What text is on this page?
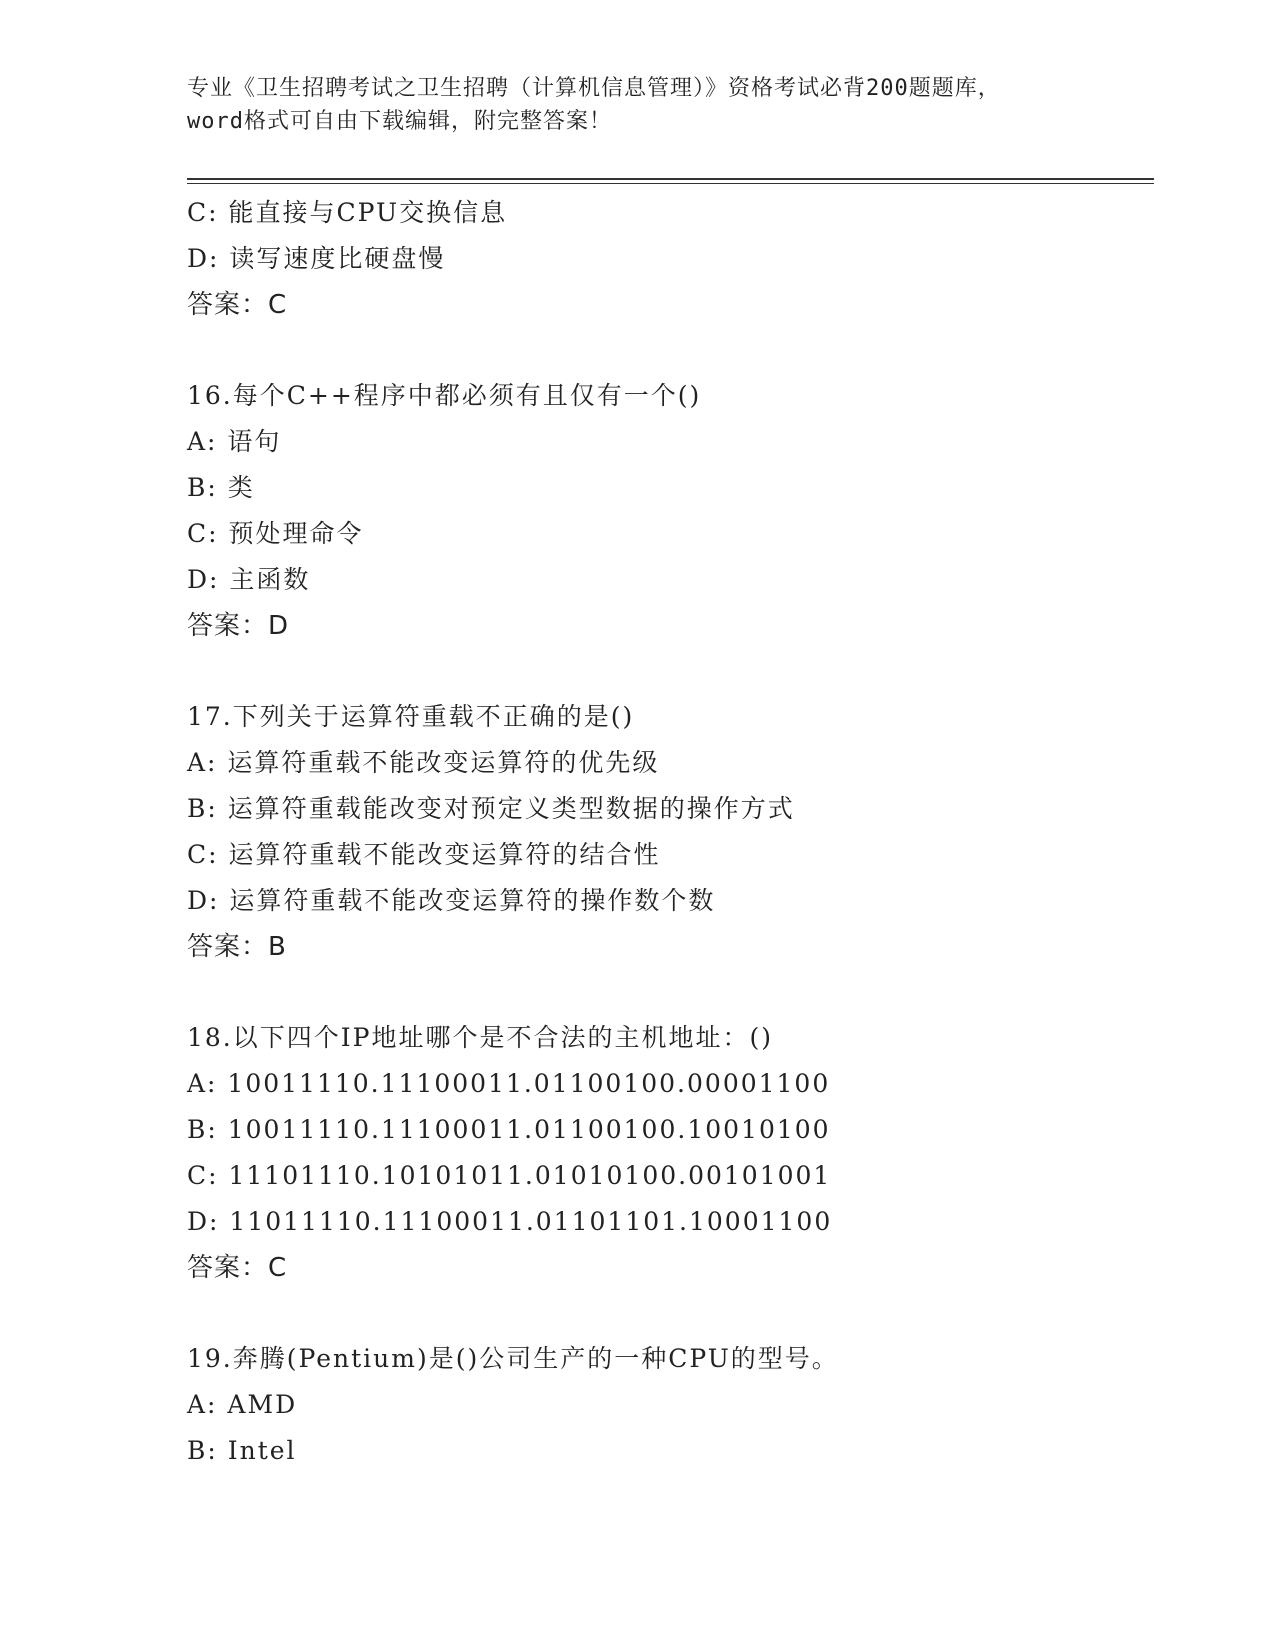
专业《卫生招聘考试之卫生招聘（计算机信息管理）》资格考试必背200题题库，
word格式可自由下载编辑，附完整答案！
C: 能直接与CPU交换信息
D: 读写速度比硬盘慢
答案：C
16.每个C++程序中都必须有且仅有一个()
A: 语句
B: 类
C: 预处理命令
D: 主函数
答案：D
17.下列关于运算符重载不正确的是()
A: 运算符重载不能改变运算符的优先级
B: 运算符重载能改变对预定义类型数据的操作方式
C: 运算符重载不能改变运算符的结合性
D: 运算符重载不能改变运算符的操作数个数
答案：B
18.以下四个IP地址哪个是不合法的主机地址：()
A: 10011110.11100011.01100100.00001100
B: 10011110.11100011.01100100.10010100
C: 11101110.10101011.01010100.00101001
D: 11011110.11100011.01101101.10001100
答案：C
19.奔腾(Pentium)是()公司生产的一种CPU的型号。
A: AMD
B: Intel
